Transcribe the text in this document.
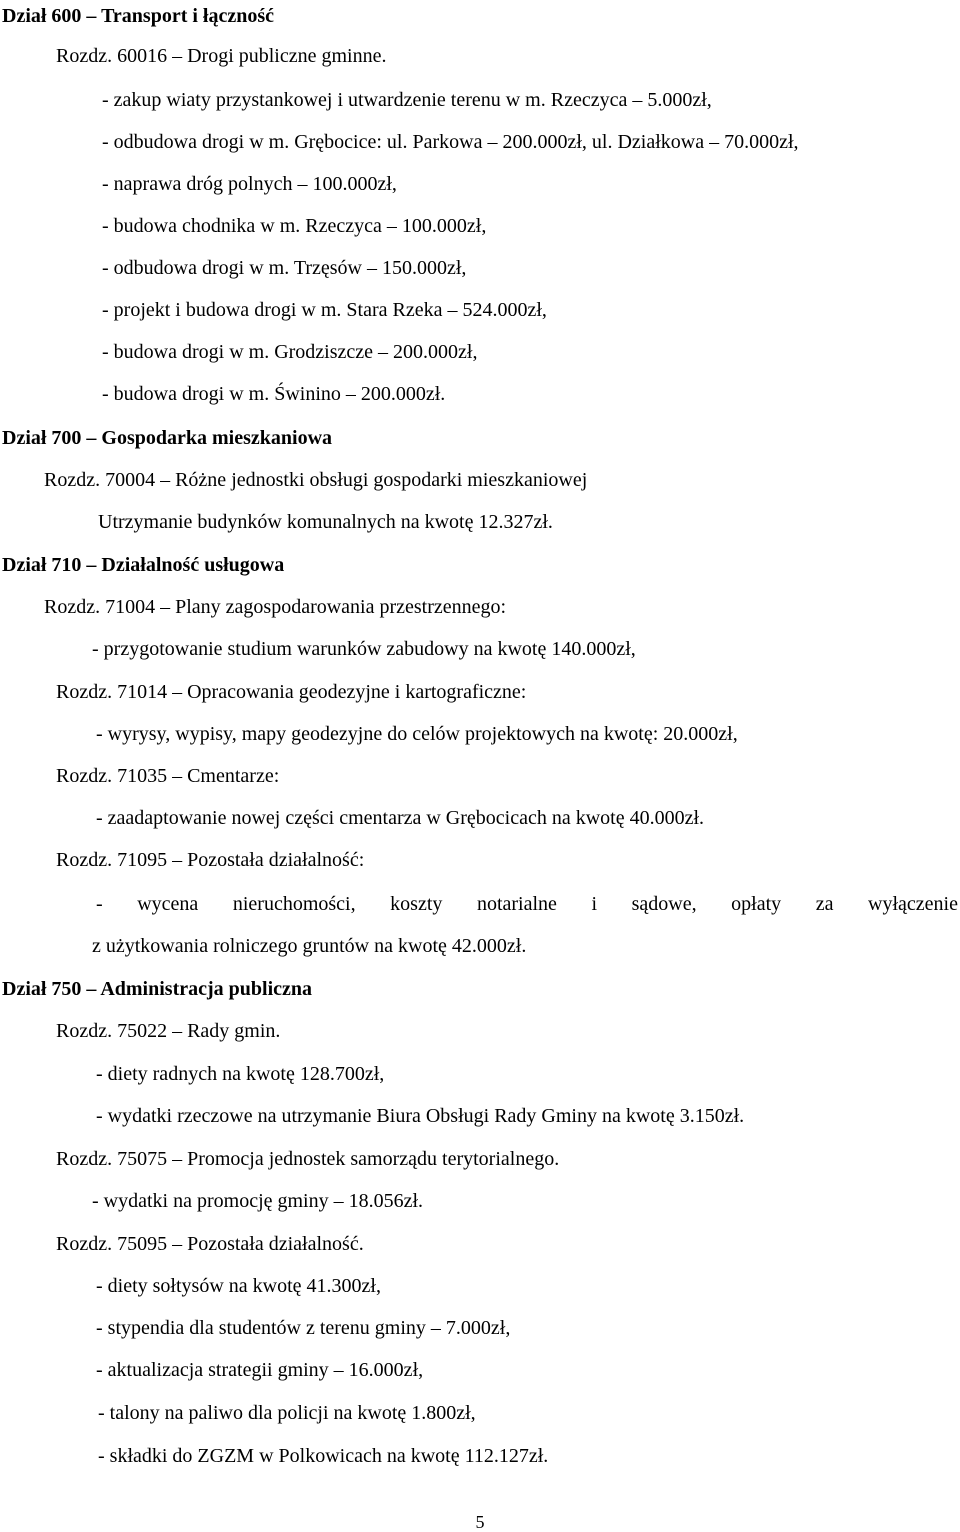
Dział 600 – Transport i łączność
Rozdz. 60016 – Drogi publiczne gminne.
- zakup wiaty przystankowej i utwardzenie terenu w m. Rzeczyca – 5.000zł,
- odbudowa drogi w m. Grębocice: ul. Parkowa – 200.000zł, ul. Działkowa – 70.000zł,
- naprawa dróg polnych – 100.000zł,
- budowa chodnika w m. Rzeczyca – 100.000zł,
- odbudowa drogi w m. Trzęsów – 150.000zł,
- projekt i budowa drogi w m. Stara Rzeka – 524.000zł,
- budowa drogi w m. Grodziszcze – 200.000zł,
- budowa drogi w m. Świnino – 200.000zł.
Dział 700 – Gospodarka mieszkaniowa
Rozdz. 70004 – Różne jednostki obsługi gospodarki mieszkaniowej
Utrzymanie budynków komunalnych na kwotę 12.327zł.
Dział 710 – Działalność usługowa
Rozdz. 71004 – Plany zagospodarowania przestrzennego:
- przygotowanie studium warunków zabudowy na kwotę 140.000zł,
Rozdz. 71014 – Opracowania geodezyjne i kartograficzne:
- wyrysy, wypisy, mapy geodezyjne do celów projektowych na kwotę: 20.000zł,
Rozdz. 71035 – Cmentarze:
- zaadaptowanie nowej części cmentarza w Grębocicach na kwotę 40.000zł.
Rozdz. 71095 – Pozostała działalność:
- wycena nieruchomości, koszty notarialne i sądowe, opłaty za wyłączenie
z użytkowania rolniczego gruntów na kwotę 42.000zł.
Dział 750 – Administracja publiczna
Rozdz. 75022 – Rady gmin.
- diety radnych na kwotę 128.700zł,
- wydatki rzeczowe na utrzymanie Biura Obsługi Rady Gminy na kwotę 3.150zł.
Rozdz. 75075 – Promocja jednostek samorządu terytorialnego.
- wydatki na promocję gminy – 18.056zł.
Rozdz. 75095 – Pozostała działalność.
- diety sołtysów na kwotę 41.300zł,
- stypendia dla studentów z terenu gminy – 7.000zł,
- aktualizacja strategii gminy – 16.000zł,
- talony na paliwo dla policji na kwotę 1.800zł,
- składki do ZGZM w Polkowicach na kwotę 112.127zł.
5
